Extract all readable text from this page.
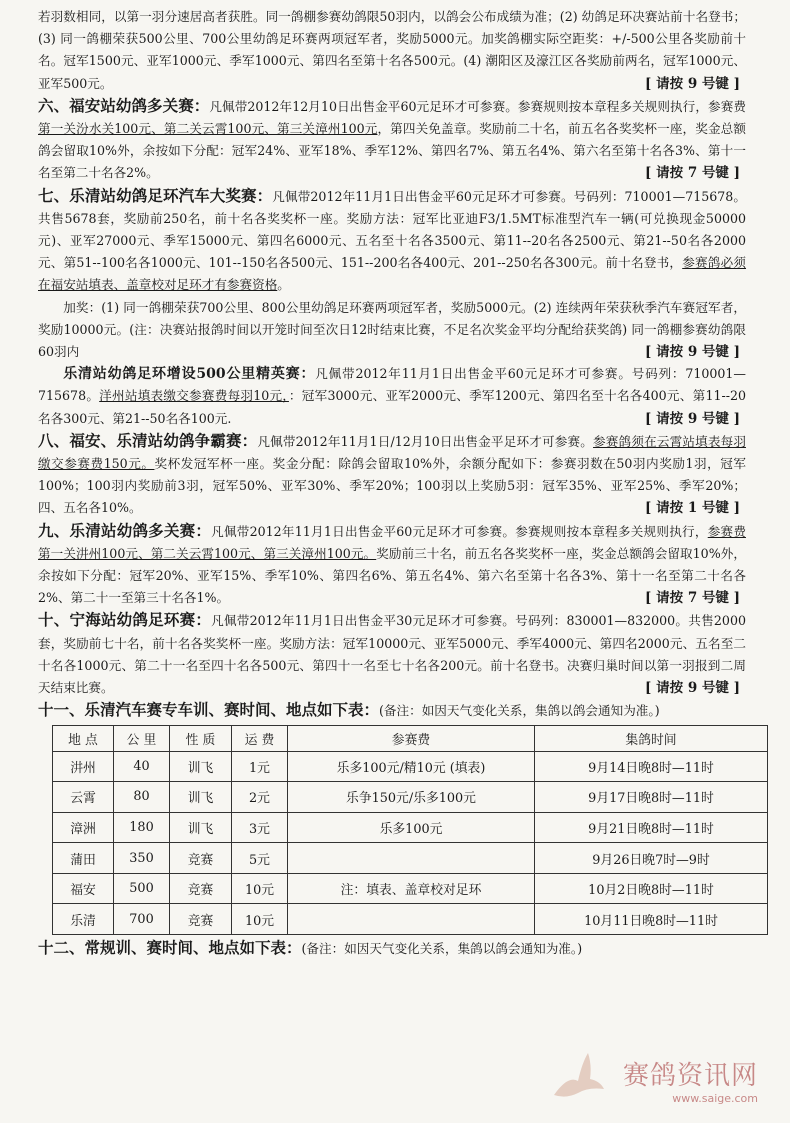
若羽数相同，以第一羽分速居高者获胜。同一鸽棚参赛幼鸽限50羽内，以鸽会公布成绩为准；(2) 幼鸽足环决赛站前十名登书；(3) 同一鸽棚荣获500公里、700公里幼鸽足环赛两项冠军者，奖励5000元。加奖鸽棚实际空距奖：+/-500公里各奖励前十名。冠军1500元、亚军1000元、季军1000元、第四名至第十名各500元。(4) 潮阳区及濠江区各奖励前两名，冠军1000元、亚军500元。	[ 请按 9 号键 ]

六、福安站幼鸽多关赛：凡佩带2012年12月10日出售金平60元足环才可参赛。参赛规则按本章程多关规则执行，参赛费第一关汾水关100元、第二关云霄100元、第三关漳州100元，第四关免盖章。奖励前二十名，前五名各奖奖杯一座，奖金总额鸽会留取10%外，余按如下分配：冠军24%、亚军18%、季军12%、第四名7%、第五名4%、第六名至第十名各3%、第十一名至第二十名各2%。	[ 请按 7 号键 ]

七、乐清站幼鸽足环汽车大奖赛：凡佩带2012年11月1日出售金平60元足环才可参赛。号码列：710001—715678。共售5678套，奖励前250名，前十名各奖奖杯一座。奖励方法：冠军比亚迪F3/1.5MT标准型汽车一辆(可兑换现金50000元)、亚军27000元、季军15000元、第四名6000元、五名至十名各3500元、第11--20名各2500元、第21--50名各2000元、第51--100名各1000元、101--150名各500元、151--200名各400元、201--250名各300元。前十名登书，参赛鸽必须在福安站填表、盖章校对足环才有参赛资格。

加奖：(1) 同一鸽棚荣获700公里、800公里幼鸽足环赛两项冠军者，奖励5000元。(2) 连续两年荣获秋季汽车赛冠军者，奖励10000元。(注：决赛站报鸽时间以开笼时间至次日12时结束比赛，不足名次奖金平均分配给获奖鸽) 同一鸽棚参赛幼鸽限60羽内	[ 请按 9 号键 ]

乐清站幼鸽足环增设500公里精英赛：凡佩带2012年11月1日出售金平60元足环才可参赛。号码列：710001—715678。洋州站填表缴交参赛费每羽10元，：冠军3000元、亚军2000元、季军1200元、第四名至十名各400元、第11--20名各300元、第21--50名各100元.	[ 请按 9 号键 ]

八、福安、乐清站幼鸽争霸赛：凡佩带2012年11月1日/12月10日出售金平足环才可参赛。参赛鸽须在云霄站填表每羽缴交参赛费150元。奖杯发冠军杯一座。奖金分配：除鸽会留取10%外，余额分配如下：参赛羽数在50羽内奖励1羽，冠军100%；100羽内奖励前3羽，冠军50%、亚军30%、季军20%；100羽以上奖励5羽：冠军35%、亚军25%、季军20%；四、五名各10%。	[ 请按 1 号键 ]

九、乐清站幼鸽多关赛：凡佩带2012年11月1日出售金平60元足环才可参赛。参赛规则按本章程多关规则执行，参赛费第一关汫州100元、第二关云霄100元、第三关漳州100元。奖励前三十名，前五名各奖奖杯一座，奖金总额鸽会留取10%外，余按如下分配：冠军20%、亚军15%、季军10%、第四名6%、第五名4%、第六名至第十名各3%、第十一名至第二十名各2%、第二十一至第三十名各1%。	[ 请按 7 号键 ]

十、宁海站幼鸽足环赛：凡佩带2012年11月1日出售金平30元足环才可参赛。号码列：830001—832000。共售2000套，奖励前七十名，前十名各奖奖杯一座。奖励方法：冠军10000元、亚军5000元、季军4000元、第四名2000元、五名至二十名各1000元、第二十一名至四十名各500元、第四十一名至七十名各200元。前十名登书。决赛归巢时间以第一羽报到二周天结束比赛。	[ 请按 9 号键 ]

十一、乐清汽车赛专车训、赛时间、地点如下表：(备注：如因天气变化关系，集鸽以鸽会通知为准。)

地 点	公 里	性 质	运 费	参赛费	集鸽时间
汫州	40	训飞	1元	乐多100元/精10元 (填表)	9月14日晚8时—11时
云霄	80	训飞	2元	乐争150元/乐多100元	9月17日晚8时—11时
漳洲	180	训飞	3元	乐多100元	9月21日晚8时—11时
蒲田	350	竞赛	5元		9月26日晚7时—9时
福安	500	竞赛	10元	注：填表、盖章校对足环	10月2日晚8时—11时
乐清	700	竞赛	10元		10月11日晚8时—11时

十二、常规训、赛时间、地点如下表：(备注：如因天气变化关系，集鸽以鸽会通知为准。)

赛鸽资讯网
www.saige.com
